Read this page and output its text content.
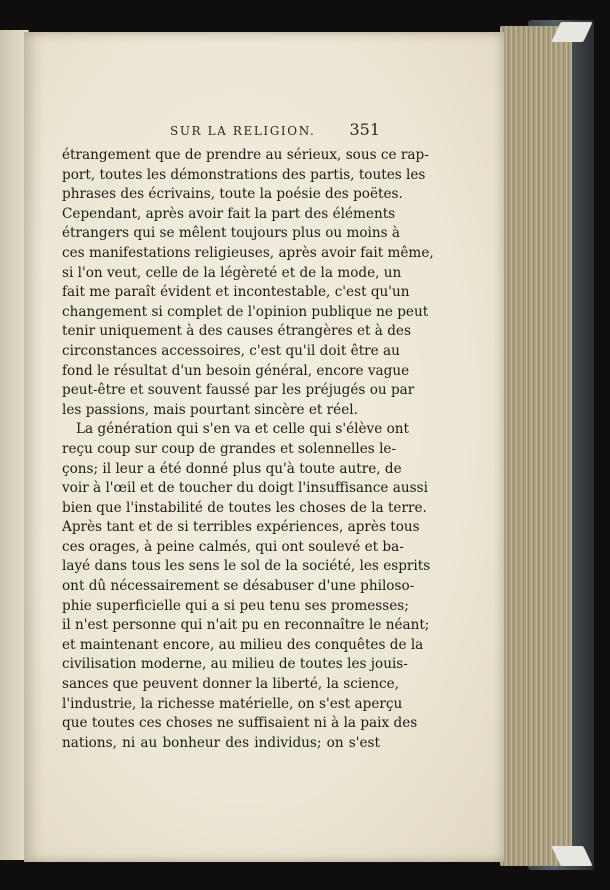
SUR LA RELIGION. 351
étrangement que de prendre au sérieux, sous ce rap-
port, toutes les démonstrations des partis, toutes les
phrases des écrivains, toute la poésie des poëtes.
Cependant, après avoir fait la part des éléments
étrangers qui se mêlent toujours plus ou moins à
ces manifestations religieuses, après avoir fait même,
si l'on veut, celle de la légèreté et de la mode, un
fait me paraît évident et incontestable, c'est qu'un
changement si complet de l'opinion publique ne peut
tenir uniquement à des causes étrangères et à des
circonstances accessoires, c'est qu'il doit être au
fond le résultat d'un besoin général, encore vague
peut-être et souvent faussé par les préjugés ou par
les passions, mais pourtant sincère et réel.
La génération qui s'en va et celle qui s'élève ont
reçu coup sur coup de grandes et solennelles le-
çons; il leur a été donné plus qu'à toute autre, de
voir à l'œil et de toucher du doigt l'insuffisance aussi
bien que l'instabilité de toutes les choses de la terre.
Après tant et de si terribles expériences, après tous
ces orages, à peine calmés, qui ont soulevé et ba-
layé dans tous les sens le sol de la société, les esprits
ont dû nécessairement se désabuser d'une philoso-
phie superficielle qui a si peu tenu ses promesses;
il n'est personne qui n'ait pu en reconnaître le néant;
et maintenant encore, au milieu des conquêtes de la
civilisation moderne, au milieu de toutes les jouis-
sances que peuvent donner la liberté, la science,
l'industrie, la richesse matérielle, on s'est aperçu
que toutes ces choses ne suffisaient ni à la paix des
nations, ni au bonheur des individus; on s'est
